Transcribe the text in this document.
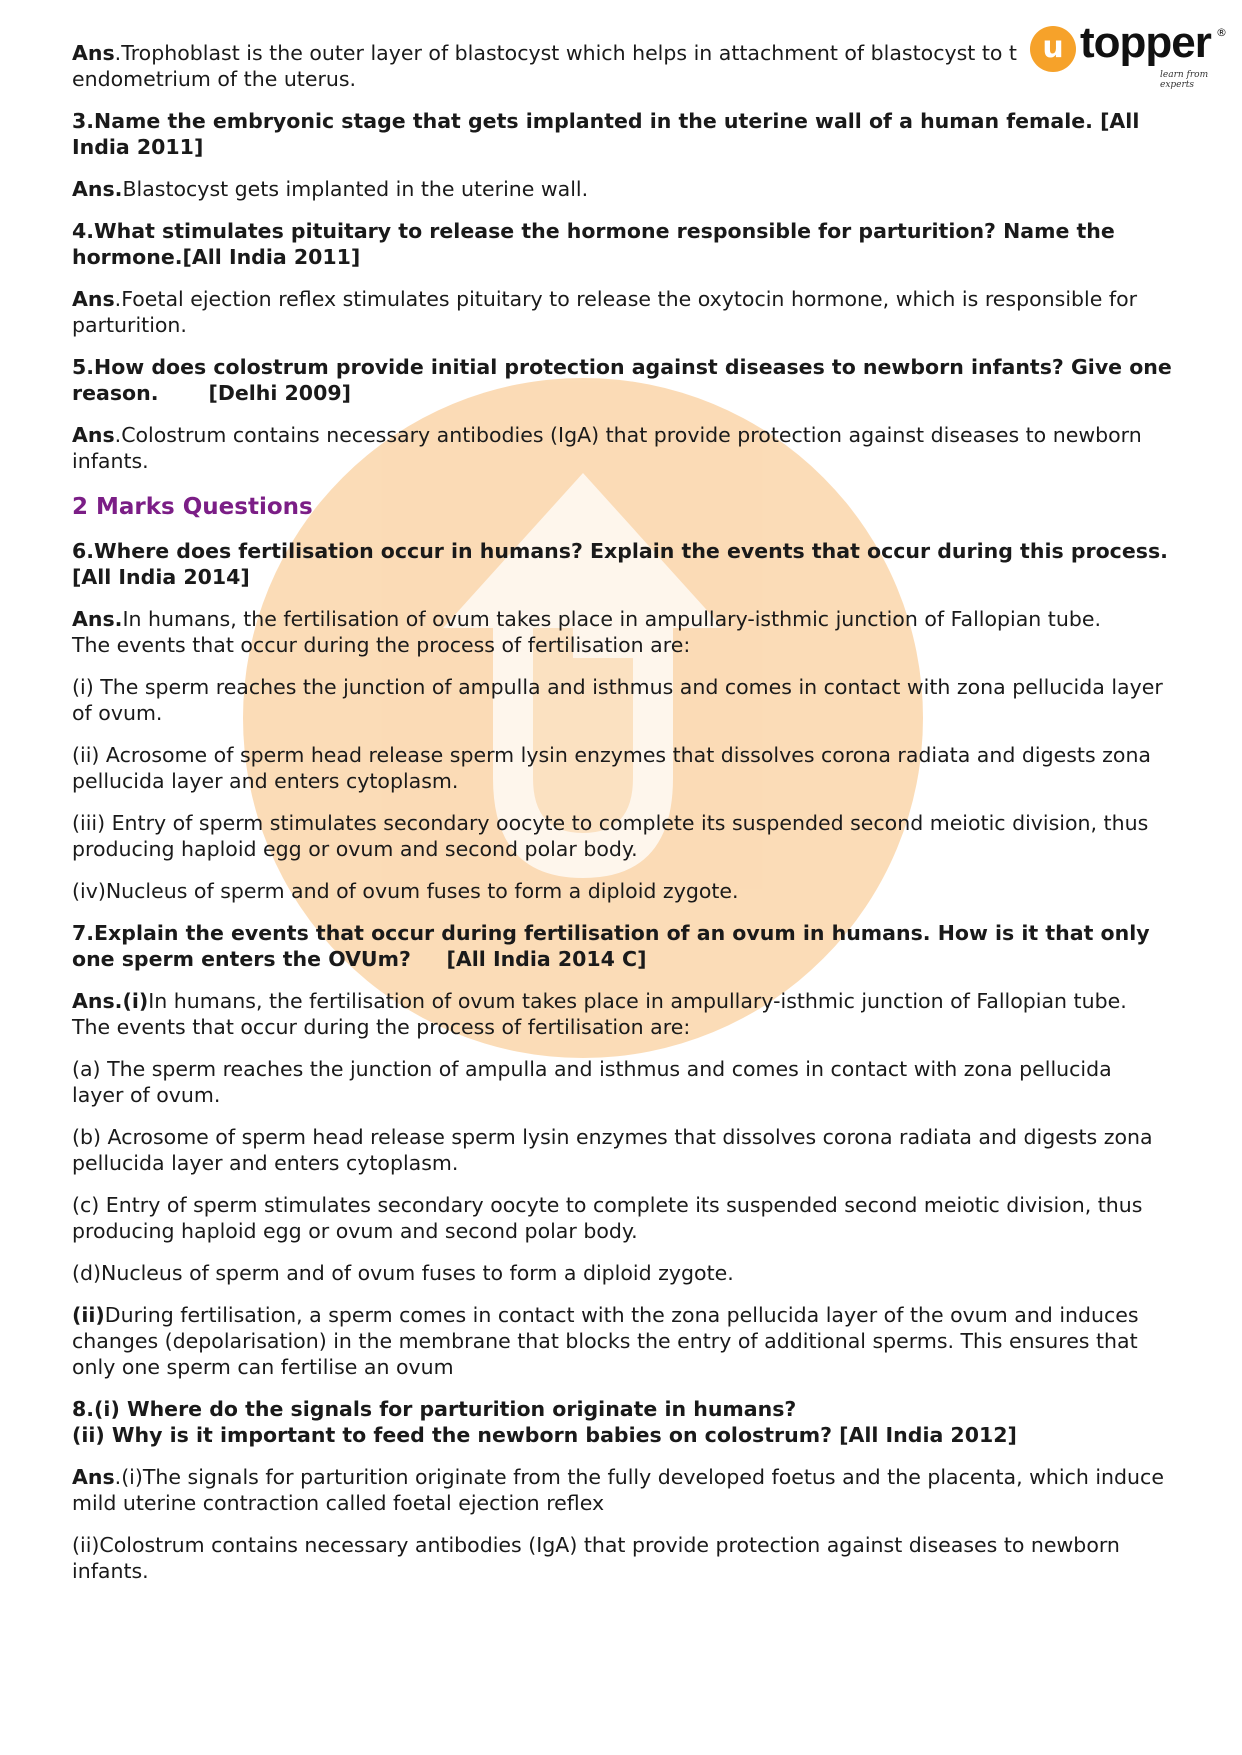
u topper ®
learn from experts
Ans.Trophoblast is the outer layer of blastocyst which helps in attachment of blastocyst to t
endometrium of the uterus.
3.Name the embryonic stage that gets implanted in the uterine wall of a human female. [All
India 2011]
Ans.Blastocyst gets implanted in the uterine wall.
4.What stimulates pituitary to release the hormone responsible for parturition? Name the
hormone.[All India 2011]
Ans.Foetal ejection reflex stimulates pituitary to release the oxytocin hormone, which is responsible for
parturition.
5.How does colostrum provide initial protection against diseases to newborn infants? Give one
reason.       [Delhi 2009]
Ans.Colostrum contains necessary antibodies (IgA) that provide protection against diseases to newborn
infants.
2 Marks Questions
6.Where does fertilisation occur in humans? Explain the events that occur during this process.
[All India 2014]
Ans.In humans, the fertilisation of ovum takes place in ampullary-isthmic junction of Fallopian tube.
The events that occur during the process of fertilisation are:
(i) The sperm reaches the junction of ampulla and isthmus and comes in contact with zona pellucida layer
of ovum.
(ii) Acrosome of sperm head release sperm lysin enzymes that dissolves corona radiata and digests zona
pellucida layer and enters cytoplasm.
(iii) Entry of sperm stimulates secondary oocyte to complete its suspended second meiotic division, thus
producing haploid egg or ovum and second polar body.
(iv)Nucleus of sperm and of ovum fuses to form a diploid zygote.
7.Explain the events that occur during fertilisation of an ovum in humans. How is it that only
one sperm enters the OVUm?     [All India 2014 C]
Ans.(i)In humans, the fertilisation of ovum takes place in ampullary-isthmic junction of Fallopian tube.
The events that occur during the process of fertilisation are:
(a) The sperm reaches the junction of ampulla and isthmus and comes in contact with zona pellucida
layer of ovum.
(b) Acrosome of sperm head release sperm lysin enzymes that dissolves corona radiata and digests zona
pellucida layer and enters cytoplasm.
(c) Entry of sperm stimulates secondary oocyte to complete its suspended second meiotic division, thus
producing haploid egg or ovum and second polar body.
(d)Nucleus of sperm and of ovum fuses to form a diploid zygote.
(ii)During fertilisation, a sperm comes in contact with the zona pellucida layer of the ovum and induces
changes (depolarisation) in the membrane that blocks the entry of additional sperms. This ensures that
only one sperm can fertilise an ovum
8.(i) Where do the signals for parturition originate in humans?
(ii) Why is it important to feed the newborn babies on colostrum? [All India 2012]
Ans.(i)The signals for parturition originate from the fully developed foetus and the placenta, which induce
mild uterine contraction called foetal ejection reflex
(ii)Colostrum contains necessary antibodies (IgA) that provide protection against diseases to newborn
infants.
